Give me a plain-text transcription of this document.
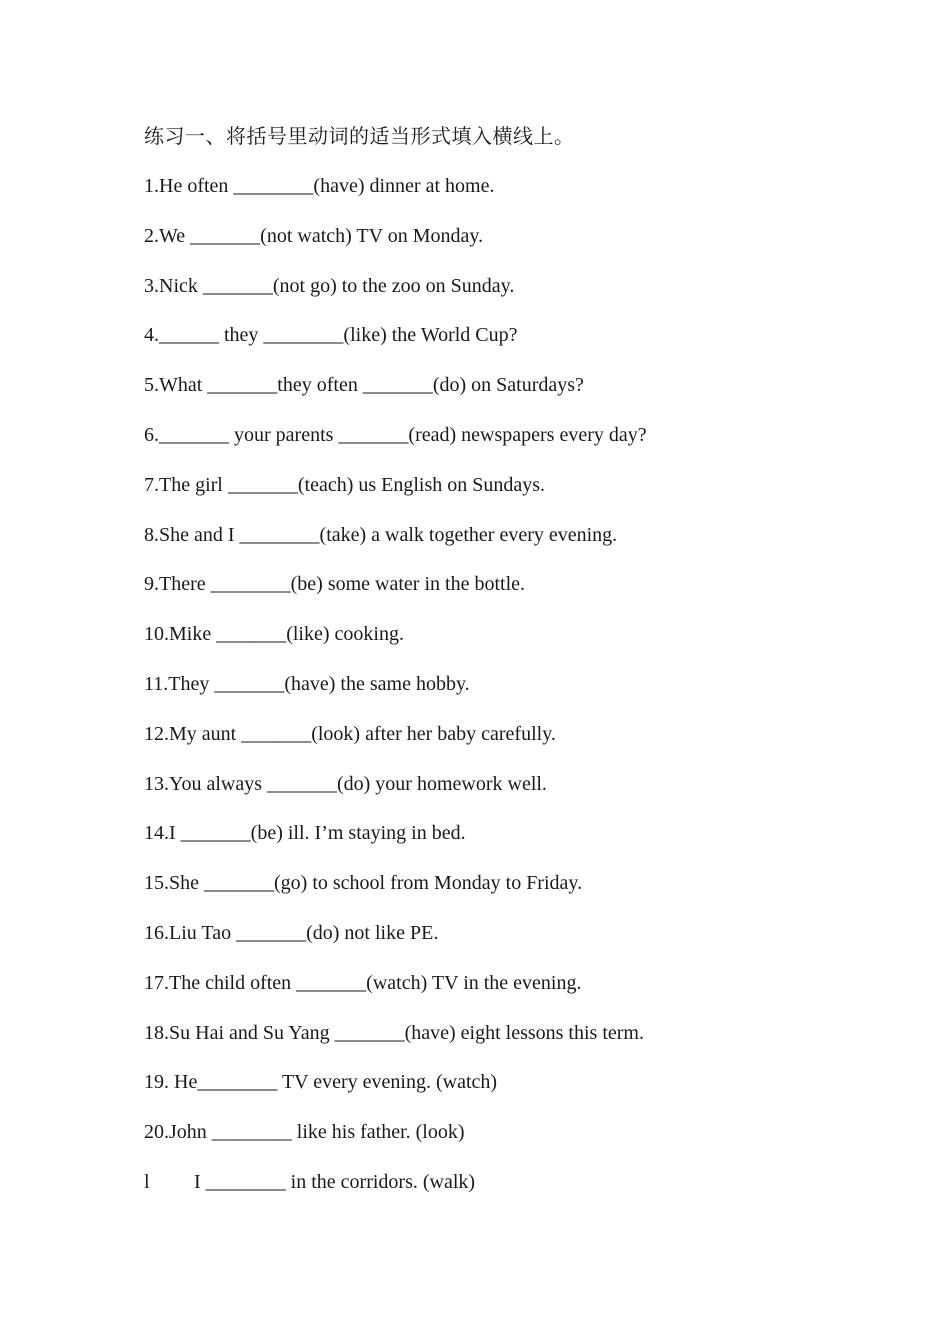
练习一、将括号里动词的适当形式填入横线上。
1.He often ________(have) dinner at home.
2.We _______(not watch) TV on Monday.
3.Nick _______(not go) to the zoo on Sunday.
4.______ they ________(like) the World Cup?
5.What _______they often _______(do) on Saturdays?
6._______ your parents _______(read) newspapers every day?
7.The girl _______(teach) us English on Sundays.
8.She and I ________(take) a walk together every evening.
9.There ________(be) some water in the bottle.
10.Mike _______(like) cooking.
11.They _______(have) the same hobby.
12.My aunt _______(look) after her baby carefully.
13.You always _______(do) your homework well.
14.I _______(be) ill. I’m staying in bed.
15.She _______(go) to school from Monday to Friday.
16.Liu Tao _______(do) not like PE.
17.The child often _______(watch) TV in the evening.
18.Su Hai and Su Yang _______(have) eight lessons this term.
19. He________ TV every evening. (watch)
20.John ________ like his father. (look)
l I ________ in the corridors. (walk)
